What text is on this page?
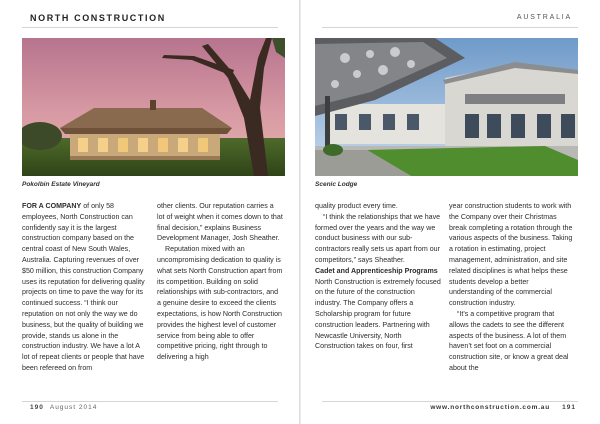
NORTH CONSTRUCTION
Pokolbin Estate Vineyard

FOR A COMPANY of only 58 employees, North Construction can confidently say it is the largest construction company based on the central coast of New South Wales, Australia. Capturing revenues of over $50 million, this construction Company uses its reputation for delivering quality projects on time to pave the way for its continued success. “I think our reputation on not only the way we do business, but the quality of building we provide, stands us alone in the construction industry. We have a lot A lot of repeat clients or people that have been refereed on from

other clients. Our reputation carries a lot of weight when it comes down to that final decision,” explains Business Development Manager, Josh Sheather.

Reputation mixed with an uncompromising dedication to quality is what sets North Construction apart from its competition. Building on solid relationships with sub-contractors, and a genuine desire to exceed the clients expectations, is how North Construction provides the highest level of customer service from being able to offer competitive pricing, right through to delivering a high

190 August 2014
AUSTRALIA
Scenic Lodge

quality product every time.

“I think the relationships that we have formed over the years and the way we conduct business with our sub-contractors really sets us apart from our competitors,” says Sheather.

Cadet and Apprenticeship Programs

North Construction is extremely focused on the future of the construction industry. The Company offers a Scholarship program for future construction leaders. Partnering with Newcastle University, North Construction takes on four, first

year construction students to work with the Company over their Christmas break completing a rotation through the various aspects of the business. Taking a rotation in estimating, project management, administration, and site related disciplines is what helps these students develop a better understanding of the commercial construction industry.

“It’s a competitive program that allows the cadets to see the different aspects of the business. A lot of them haven’t set foot on a commercial construction site, or know a great deal about the

www.northconstruction.com.au 191
